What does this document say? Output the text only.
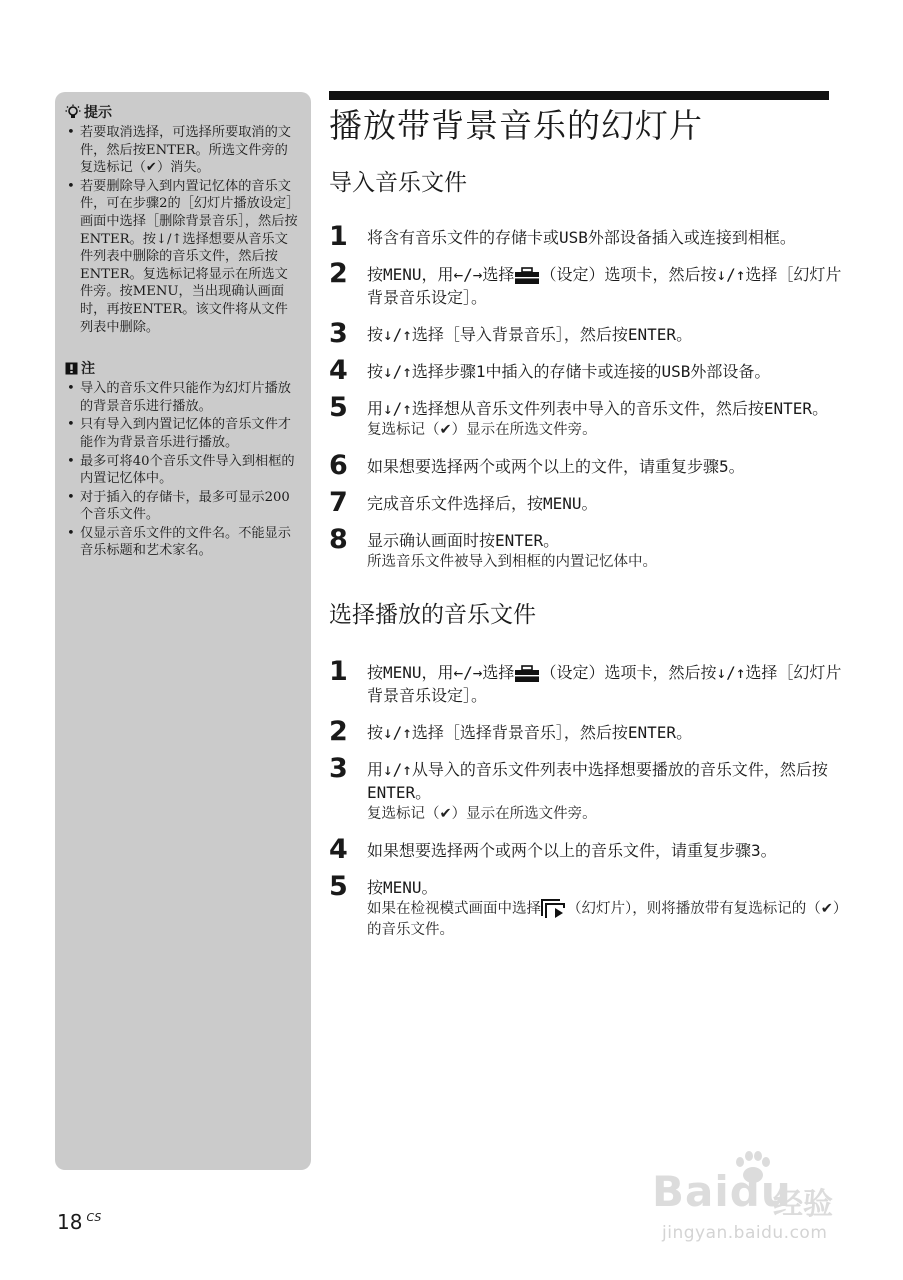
提示
• 若要取消选择，可选择所要取消的文件，然后按ENTER。所选文件旁的复选标记（✔）消失。
• 若要删除导入到内置记忆体的音乐文件，可在步骤2的［幻灯片播放设定］画面中选择［删除背景音乐］，然后按ENTER。按↓/↑选择想要从音乐文件列表中删除的音乐文件，然后按ENTER。复选标记将显示在所选文件旁。按MENU，当出现确认画面时，再按ENTER。该文件将从文件列表中删除。
注
• 导入的音乐文件只能作为幻灯片播放的背景音乐进行播放。
• 只有导入到内置记忆体的音乐文件才能作为背景音乐进行播放。
• 最多可将40个音乐文件导入到相框的内置记忆体中。
• 对于插入的存储卡，最多可显示200个音乐文件。
• 仅显示音乐文件的文件名。不能显示音乐标题和艺术家名。
播放带背景音乐的幻灯片
导入音乐文件
1 将含有音乐文件的存储卡或USB外部设备插入或连接到相框。
2 按MENU，用←/→选择 （设定）选项卡，然后按↓/↑选择［幻灯片背景音乐设定］。
3 按↓/↑选择［导入背景音乐］，然后按ENTER。
4 按↓/↑选择步骤1中插入的存储卡或连接的USB外部设备。
5 用↓/↑选择想从音乐文件列表中导入的音乐文件，然后按ENTER。
复选标记（✔）显示在所选文件旁。
6 如果想要选择两个或两个以上的文件，请重复步骤5。
7 完成音乐文件选择后，按MENU。
8 显示确认画面时按ENTER。
所选音乐文件被导入到相框的内置记忆体中。
选择播放的音乐文件
1 按MENU，用←/→选择 （设定）选项卡，然后按↓/↑选择［幻灯片背景音乐设定］。
2 按↓/↑选择［选择背景音乐］，然后按ENTER。
3 用↓/↑从导入的音乐文件列表中选择想要播放的音乐文件，然后按ENTER。
复选标记（✔）显示在所选文件旁。
4 如果想要选择两个或两个以上的音乐文件，请重复步骤3。
5 按MENU。
如果在检视模式画面中选择 （幻灯片），则将播放带有复选标记的（✔）的音乐文件。
18 $^{CS}$
Baidu
经验
jingyan.baidu.com
